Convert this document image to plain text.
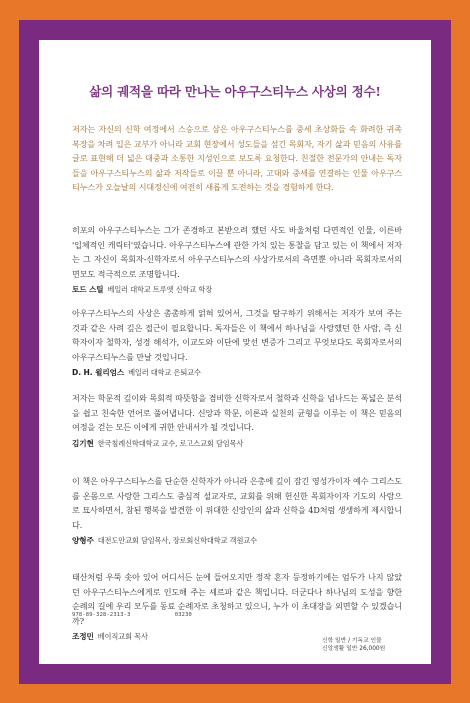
삶의 궤적을 따라 만나는 아우구스티누스 사상의 정수!
저자는 자신의 신학 여정에서 스승으로 삼은 아우구스티누스를 중세 초상화들 속 화려한 귀족 복장을 차려 입은 교부가 아니라 교회 현장에서 성도들을 섬긴 목회자, 자기 삶과 믿음의 사유를 글로 표현해 더 넓은 대중과 소통한 지성인으로 보도록 요청한다. 친절한 전문가의 안내는 독자들을 아우구스티누스의 삶과 저작들로 이끌 뿐 아니라, 고대와 중세를 연결하는 인물 아우구스티누스가 오늘날의 시대정신에 여전히 새롭게 도전하는 것을 경험하게 한다.
히포의 아우구스티누스는 그가 존경하고 본받으려 했던 사도 바울처럼 다면적인 인물, 이른바 '입체적인 캐릭터'였습니다. 아우구스티누스에 관한 가치 있는 통찰을 담고 있는 이 책에서 저자는 그 자신이 목회자-신학자로서 아우구스티누스의 사상가로서의 측면뿐 아니라 목회자로서의 면모도 적극적으로 조명합니다.
토드 스틸 베일러 대학교 트루엣 신학교 학장
아우구스티누스의 사상은 촘촘하게 얽혀 있어서, 그것을 탐구하기 위해서는 저자가 보여 주는 것과 같은 사려 깊은 접근이 필요합니다. 독자들은 이 책에서 하나님을 사랑했던 한 사람, 즉 신학자이자 철학자, 성경 해석가, 이교도와 이단에 맞선 변증가 그리고 무엇보다도 목회자로서의 아우구스티누스를 만날 것입니다.
D. H. 윌리엄스 베일러 대학교 은퇴교수
저자는 학문적 깊이와 목회적 따뜻함을 겸비한 신학자로서 철학과 신학을 넘나드는 폭넓은 분석을 쉽고 친숙한 언어로 풀어냅니다. 신앙과 학문, 이론과 실천의 균형을 이루는 이 책은 믿음의 여정을 걷는 모든 이에게 귀한 안내서가 될 것입니다.
김기현 한국침례신학대학교 교수, 로고스교회 담임목사
이 책은 아우구스티누스를 단순한 신학자가 아니라 은총에 깊이 잠긴 영성가이자 예수 그리스도를 온몸으로 사랑한 그리스도 중심적 설교자로, 교회를 위해 헌신한 목회자이자 기도의 사람으로 묘사하면서, 참된 행복을 발견한 이 위대한 신앙인의 삶과 신학을 4D처럼 생생하게 제시합니다.
양형주 대전도안교회 담임목사, 장로회신학대학교 객원교수
태산처럼 우뚝 솟아 있어 어디서든 눈에 들어오지만 정작 혼자 등정하기에는 엄두가 나지 않았던 아우구스티누스에게로 인도해 주는 셰르파 같은 책입니다. 더군다나 하나님의 도성을 향한 순례의 길에 우리 모두를 동료 순례자로 초청하고 있으니, 누가 이 초대장을 외면할 수 있겠습니까?
조정민 베이직교회 목사
978-89-328-2313-3	03230
신학 일반 / 기독교 인물
신앙생활 일반 26,000원
